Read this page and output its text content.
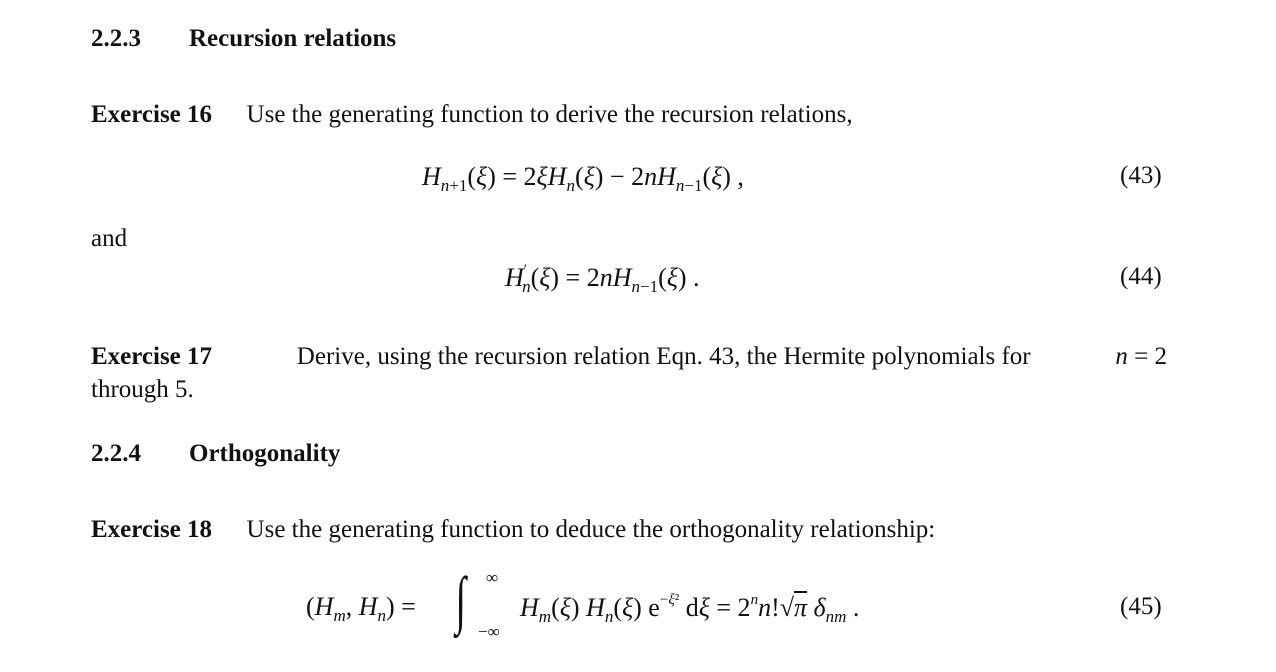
2.2.3 Recursion relations
Exercise 16 Use the generating function to derive the recursion relations,
$H_{n+1}(\xi) = 2\xi H_n(\xi) - 2nH_{n-1}(\xi)$ ,	(43)
and
$H'_n(\xi) = 2nH_{n-1}(\xi)$ .	(44)
Exercise 17	Derive, using the recursion relation Eqn. 43, the Hermite polynomials for	n = 2
through 5.
2.2.4 Orthogonality
Exercise 18 Use the generating function to deduce the orthogonality relationship:
($H_m$, $H_n$) = ∫ ∞
−∞
$H_m(\xi)$ $H_n(\xi)$ $e^{-\xi^2}$ $d\xi = 2^nn!√\pi$ $\delta_{nm}$ .	(45)
